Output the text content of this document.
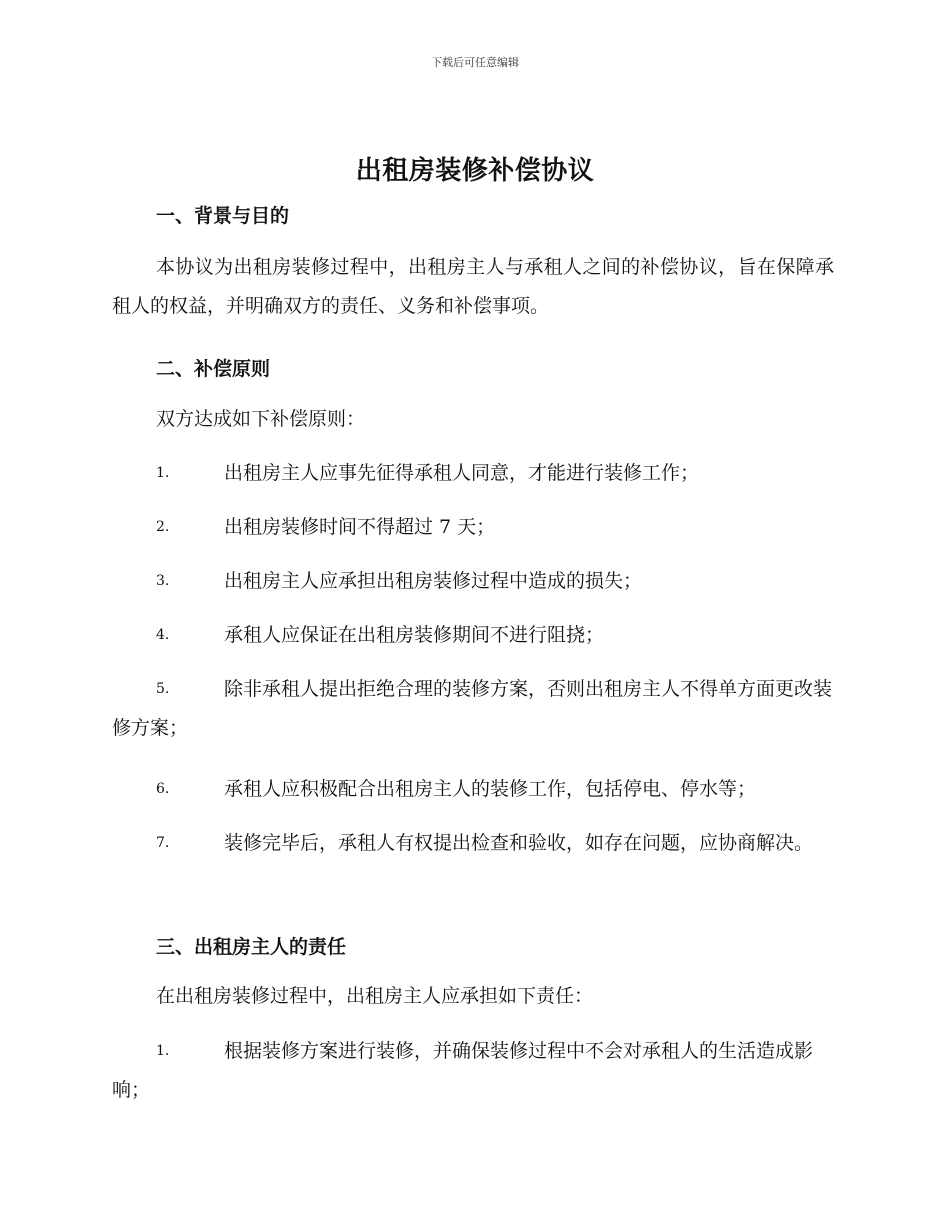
下载后可任意编辑
出租房装修补偿协议
一、背景与目的
本协议为出租房装修过程中，出租房主人与承租人之间的补偿协议，旨在保障承租人的权益，并明确双方的责任、义务和补偿事项。
二、补偿原则
双方达成如下补偿原则：
1.	出租房主人应事先征得承租人同意，才能进行装修工作；
2.	出租房装修时间不得超过 7 天；
3.	出租房主人应承担出租房装修过程中造成的损失；
4.	承租人应保证在出租房装修期间不进行阻挠；
5.	除非承租人提出拒绝合理的装修方案，否则出租房主人不得单方面更改装修方案；
6.	承租人应积极配合出租房主人的装修工作，包括停电、停水等；
7.	装修完毕后，承租人有权提出检查和验收，如存在问题，应协商解决。
三、出租房主人的责任
在出租房装修过程中，出租房主人应承担如下责任：
1.	根据装修方案进行装修，并确保装修过程中不会对承租人的生活造成影响；
